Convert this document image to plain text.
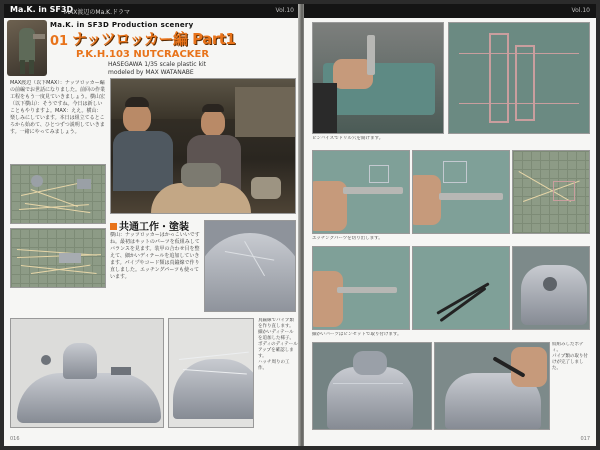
Ma.K. in SF3D
MAX渡辺のMa.K.ドラマ	Vol.10
Ma.K. in SF3D Production scenery
01 ナッツロッカー編 Part1
P.K.H.103 NUTCRACKER
HASEGAWA 1/35 scale plastic kit
modeled by MAX WATANABE
MAX渡辺（以下MAX）：ナッツロッカー編の前編でお世話になりました。前回の作業工程をもう一度見ていきましょう。横山宏（以下横山）：そうですね。今日は新しいこともやりますよ。MAX：ええ。横山：楽しみにしています。本日は組立てるところから始めて、ひとつずつ説明していきます。一緒にやってみましょう。
共通工作・塗装
横山：ナッツロッカーはかっこいいですね。最初はキットのパーツを仮組みしてバランスを見ます。装甲の合わせ目を整えて、細かいディテールを追加していきます。パイプやコード類は真鍮線で作り直しました。エッチングパーツも使っています。
真鍮線でパイプ類を作り直します。
細かいディテールを追加した様子。
ボディのディテールアップを確認します。
ハッチ周りの工作。
016
Vol.10
ピンバイスでドリル穴を開けます。
エッチングパーツを切り出します。
細かいパーツはピンセットで取り付けます。
仮組みしたボディ。
パイプ類の取り付けが完了しました。
017
